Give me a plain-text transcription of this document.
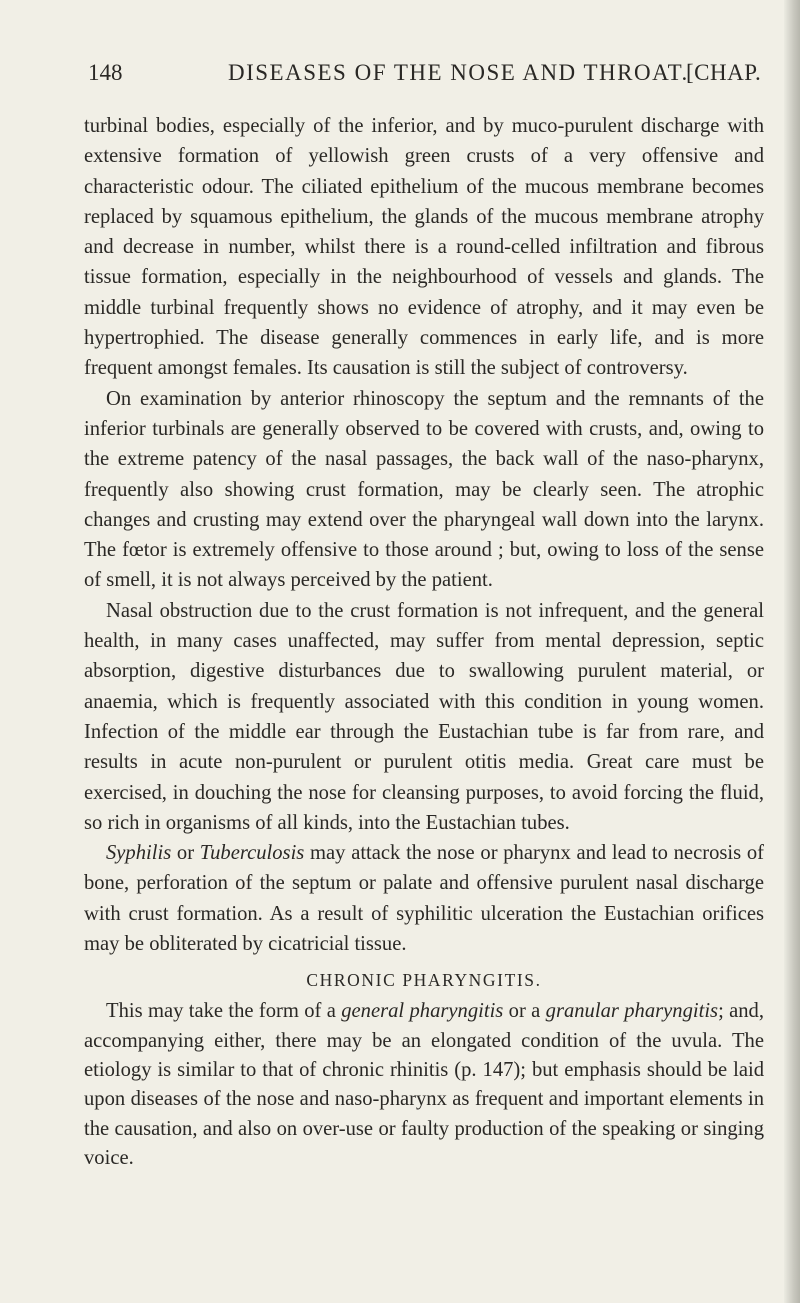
148	DISEASES OF THE NOSE AND THROAT.
[CHAP.

turbinal bodies, especially of the inferior, and by muco-purulent discharge with extensive formation of yellowish green crusts of a very offensive and characteristic odour. The ciliated epithelium of the mucous membrane becomes replaced by squamous epithelium, the glands of the mucous membrane atrophy and decrease in number, whilst there is a round-celled infiltration and fibrous tissue formation, especially in the neighbourhood of vessels and glands. The middle turbinal frequently shows no evidence of atrophy, and it may even be hypertrophied. The disease generally commences in early life, and is more frequent amongst females. Its causation is still the subject of controversy.

On examination by anterior rhinoscopy the septum and the remnants of the inferior turbinals are generally observed to be covered with crusts, and, owing to the extreme patency of the nasal passages, the back wall of the naso-pharynx, frequently also showing crust formation, may be clearly seen. The atrophic changes and crusting may extend over the pharyngeal wall down into the larynx. The fœtor is extremely offensive to those around ; but, owing to loss of the sense of smell, it is not always perceived by the patient.

Nasal obstruction due to the crust formation is not infrequent, and the general health, in many cases unaffected, may suffer from mental depression, septic absorption, digestive disturbances due to swallowing purulent material, or anaemia, which is frequently associated with this condition in young women. Infection of the middle ear through the Eustachian tube is far from rare, and results in acute non-purulent or purulent otitis media. Great care must be exercised, in douching the nose for cleansing purposes, to avoid forcing the fluid, so rich in organisms of all kinds, into the Eustachian tubes.

Syphilis or Tuberculosis may attack the nose or pharynx and lead to necrosis of bone, perforation of the septum or palate and offensive purulent nasal discharge with crust formation. As a result of syphilitic ulceration the Eustachian orifices may be obliterated by cicatricial tissue.

CHRONIC PHARYNGITIS.

This may take the form of a general pharyngitis or a granular pharyngitis; and, accompanying either, there may be an elongated condition of the uvula. The etiology is similar to that of chronic rhinitis (p. 147); but emphasis should be laid upon diseases of the nose and naso-pharynx as frequent and important elements in the causation, and also on over-use or faulty production of the speaking or singing voice.
